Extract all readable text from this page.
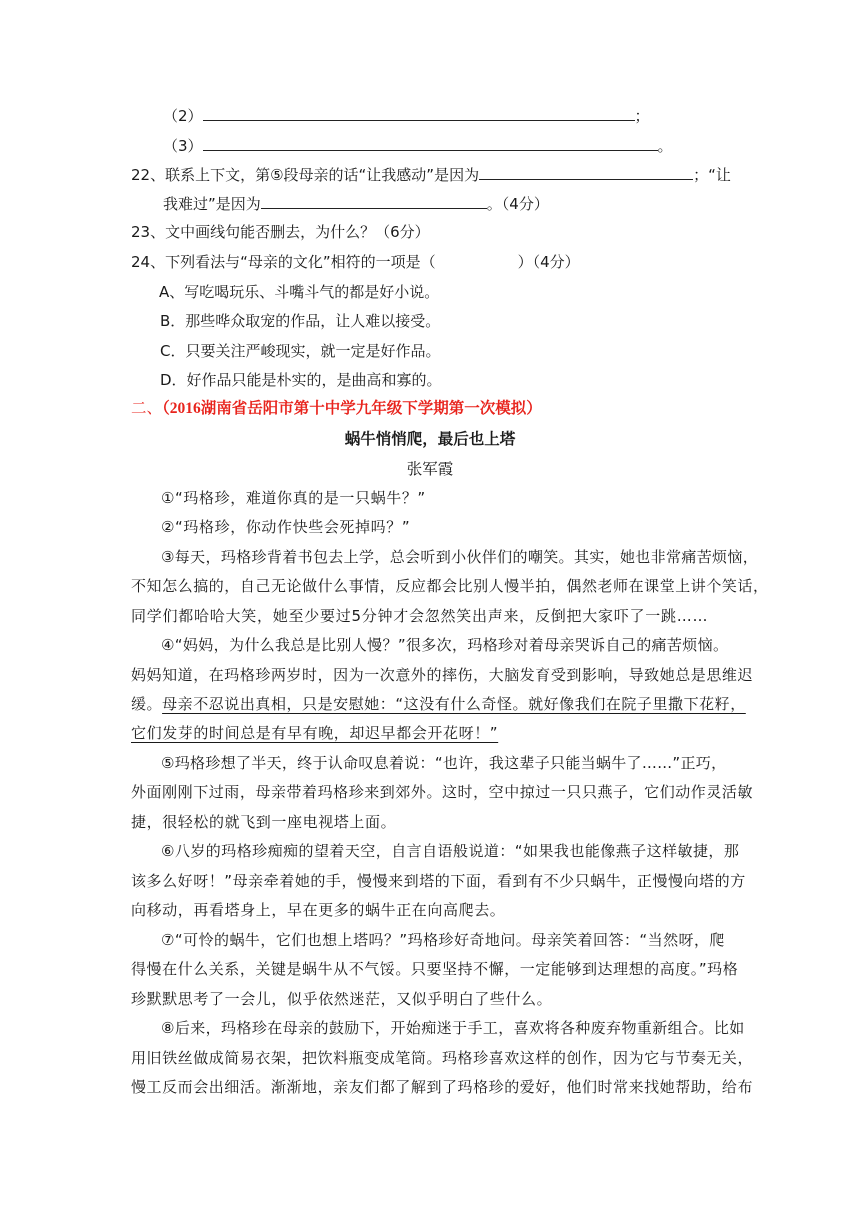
（2）	；
（3）	。
22、联系上下文，第⑤段母亲的话“让我感动”是因为	；“让
我难过”是因为	。（4分）
23、文中画线句能否删去，为什么？（6分）
24、下列看法与“母亲的文化”相符的一项是（	）（4分）
A、写吃喝玩乐、斗嘴斗气的都是好小说。
B．那些哗众取宠的作品，让人难以接受。
C．只要关注严峻现实，就一定是好作品。
D．好作品只能是朴实的，是曲高和寡的。
二、（2016湖南省岳阳市第十中学九年级下学期第一次模拟）
蜗牛悄悄爬，最后也上塔
张军霞
①“玛格珍，难道你真的是一只蜗牛？”
②“玛格珍，你动作快些会死掉吗？”
③每天，玛格珍背着书包去上学，总会听到小伙伴们的嘲笑。其实，她也非常痛苦烦恼，
不知怎么搞的，自己无论做什么事情，反应都会比别人慢半拍，偶然老师在课堂上讲个笑话，
同学们都哈哈大笑，她至少要过5分钟才会忽然笑出声来，反倒把大家吓了一跳……
④“妈妈，为什么我总是比别人慢？”很多次，玛格珍对着母亲哭诉自己的痛苦烦恼。
妈妈知道，在玛格珍两岁时，因为一次意外的摔伤，大脑发育受到影响，导致她总是思维迟
缓。母亲不忍说出真相，只是安慰她：“这没有什么奇怪。就好像我们在院子里撒下花籽，
它们发芽的时间总是有早有晚，却迟早都会开花呀！”
⑤玛格珍想了半天，终于认命叹息着说：“也许，我这辈子只能当蜗牛了……”正巧，
外面刚刚下过雨，母亲带着玛格珍来到郊外。这时，空中掠过一只只燕子，它们动作灵活敏
捷，很轻松的就飞到一座电视塔上面。
⑥八岁的玛格珍痴痴的望着天空，自言自语般说道：“如果我也能像燕子这样敏捷，那
该多么好呀！”母亲牵着她的手，慢慢来到塔的下面，看到有不少只蜗牛，正慢慢向塔的方
向移动，再看塔身上，早在更多的蜗牛正在向高爬去。
⑦“可怜的蜗牛，它们也想上塔吗？”玛格珍好奇地问。母亲笑着回答：“当然呀，爬
得慢在什么关系，关键是蜗牛从不气馁。只要坚持不懈，一定能够到达理想的高度。”玛格
珍默默思考了一会儿，似乎依然迷茫，又似乎明白了些什么。
⑧后来，玛格珍在母亲的鼓励下，开始痴迷于手工，喜欢将各种废弃物重新组合。比如
用旧铁丝做成简易衣架，把饮料瓶变成笔筒。玛格珍喜欢这样的创作，因为它与节奏无关，
慢工反而会出细活。渐渐地，亲友们都了解到了玛格珍的爱好，他们时常来找她帮助，给布
